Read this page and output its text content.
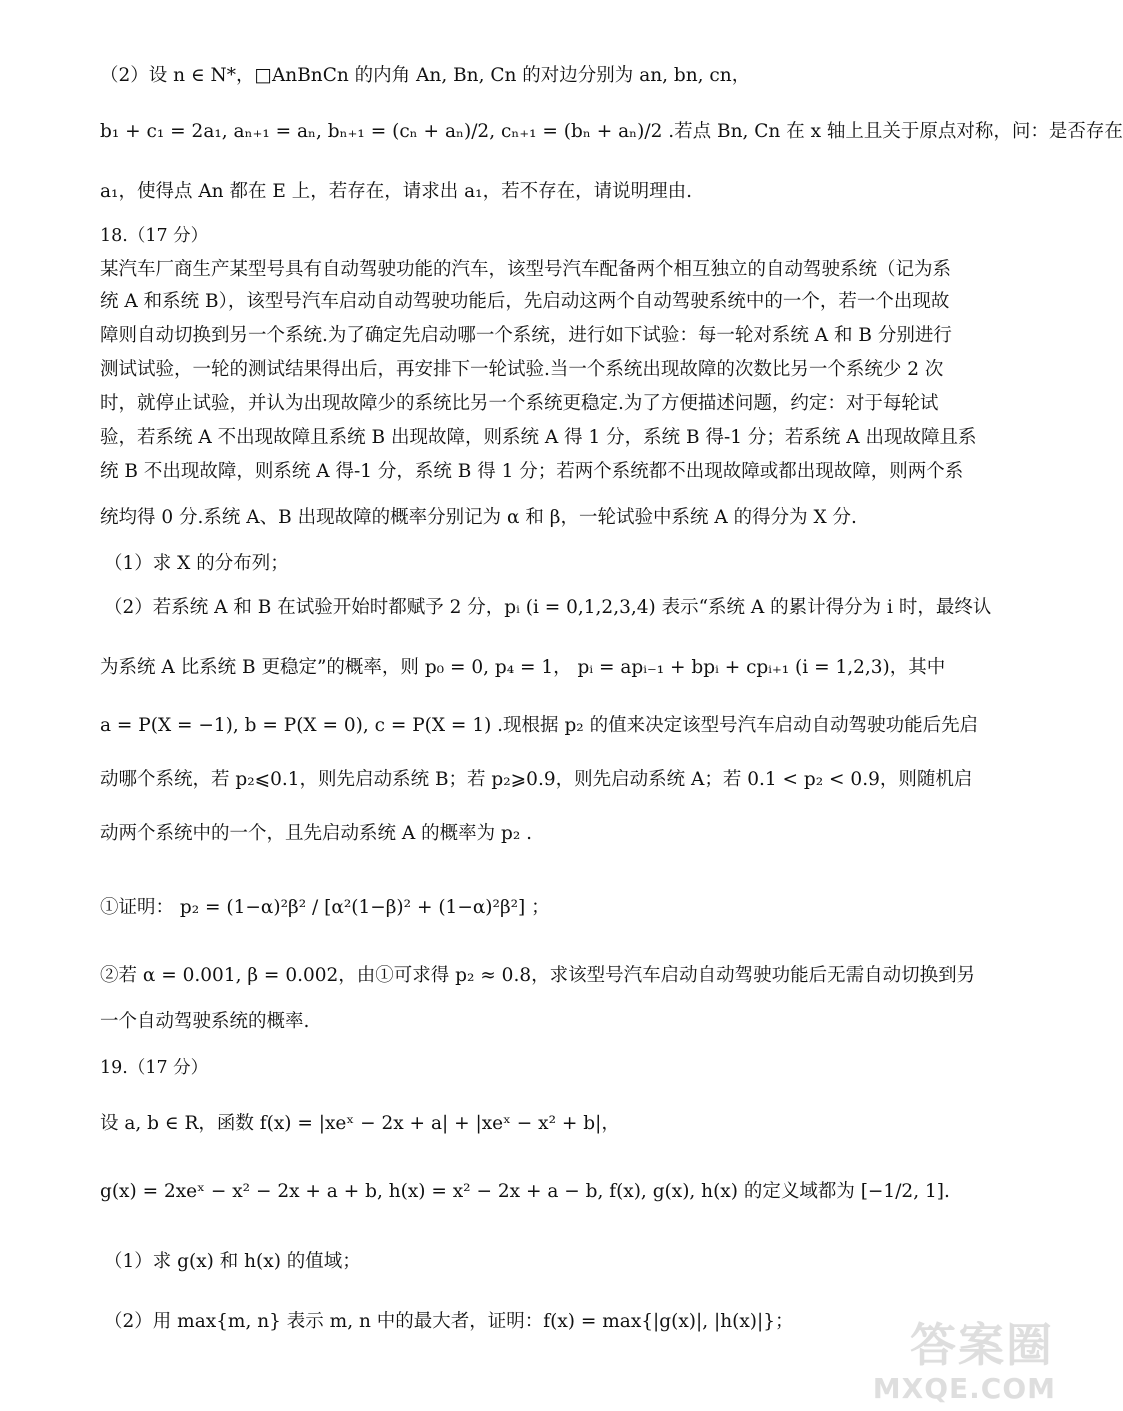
（2）设 n ∈ N*，□AnBnCn 的内角 An, Bn, Cn 的对边分别为 an, bn, cn，
b₁ + c₁ = 2a₁, aₙ₊₁ = aₙ, bₙ₊₁ = (cₙ + aₙ)/2, cₙ₊₁ = (bₙ + aₙ)/2 .若点 Bn, Cn 在 x 轴上且关于原点对称，问：是否存在
a₁，使得点 An 都在 E 上，若存在，请求出 a₁，若不存在，请说明理由.
18.（17 分）
某汽车厂商生产某型号具有自动驾驶功能的汽车，该型号汽车配备两个相互独立的自动驾驶系统（记为系
统 A 和系统 B），该型号汽车启动自动驾驶功能后，先启动这两个自动驾驶系统中的一个，若一个出现故
障则自动切换到另一个系统.为了确定先启动哪一个系统，进行如下试验：每一轮对系统 A 和 B 分别进行
测试试验，一轮的测试结果得出后，再安排下一轮试验.当一个系统出现故障的次数比另一个系统少 2 次
时，就停止试验，并认为出现故障少的系统比另一个系统更稳定.为了方便描述问题，约定：对于每轮试
验，若系统 A 不出现故障且系统 B 出现故障，则系统 A 得 1 分，系统 B 得-1 分；若系统 A 出现故障且系
统 B 不出现故障，则系统 A 得-1 分，系统 B 得 1 分；若两个系统都不出现故障或都出现故障，则两个系
统均得 0 分.系统 A、B 出现故障的概率分别记为 α 和 β，一轮试验中系统 A 的得分为 X 分.
（1）求 X 的分布列；
（2）若系统 A 和 B 在试验开始时都赋予 2 分，pᵢ (i = 0,1,2,3,4) 表示“系统 A 的累计得分为 i 时，最终认
为系统 A 比系统 B 更稳定”的概率，则 p₀ = 0, p₄ = 1， pᵢ = apᵢ₋₁ + bpᵢ + cpᵢ₊₁ (i = 1,2,3)，其中
a = P(X = −1), b = P(X = 0), c = P(X = 1) .现根据 p₂ 的值来决定该型号汽车启动自动驾驶功能后先启
动哪个系统，若 p₂⩽0.1，则先启动系统 B；若 p₂⩾0.9，则先启动系统 A；若 0.1 < p₂ < 0.9，则随机启
动两个系统中的一个，且先启动系统 A 的概率为 p₂ .
①证明： p₂ = (1−α)²β² / [α²(1−β)² + (1−α)²β²] ；
②若 α = 0.001, β = 0.002，由①可求得 p₂ ≈ 0.8，求该型号汽车启动自动驾驶功能后无需自动切换到另
一个自动驾驶系统的概率.
19.（17 分）
设 a, b ∈ R，函数 f(x) = |xeˣ − 2x + a| + |xeˣ − x² + b|，
g(x) = 2xeˣ − x² − 2x + a + b, h(x) = x² − 2x + a − b, f(x), g(x), h(x) 的定义域都为 [−1/2, 1].
（1）求 g(x) 和 h(x) 的值域；
（2）用 max{m, n} 表示 m, n 中的最大者，证明：f(x) = max{|g(x)|, |h(x)|}；	答案圈
MXQE.COM
